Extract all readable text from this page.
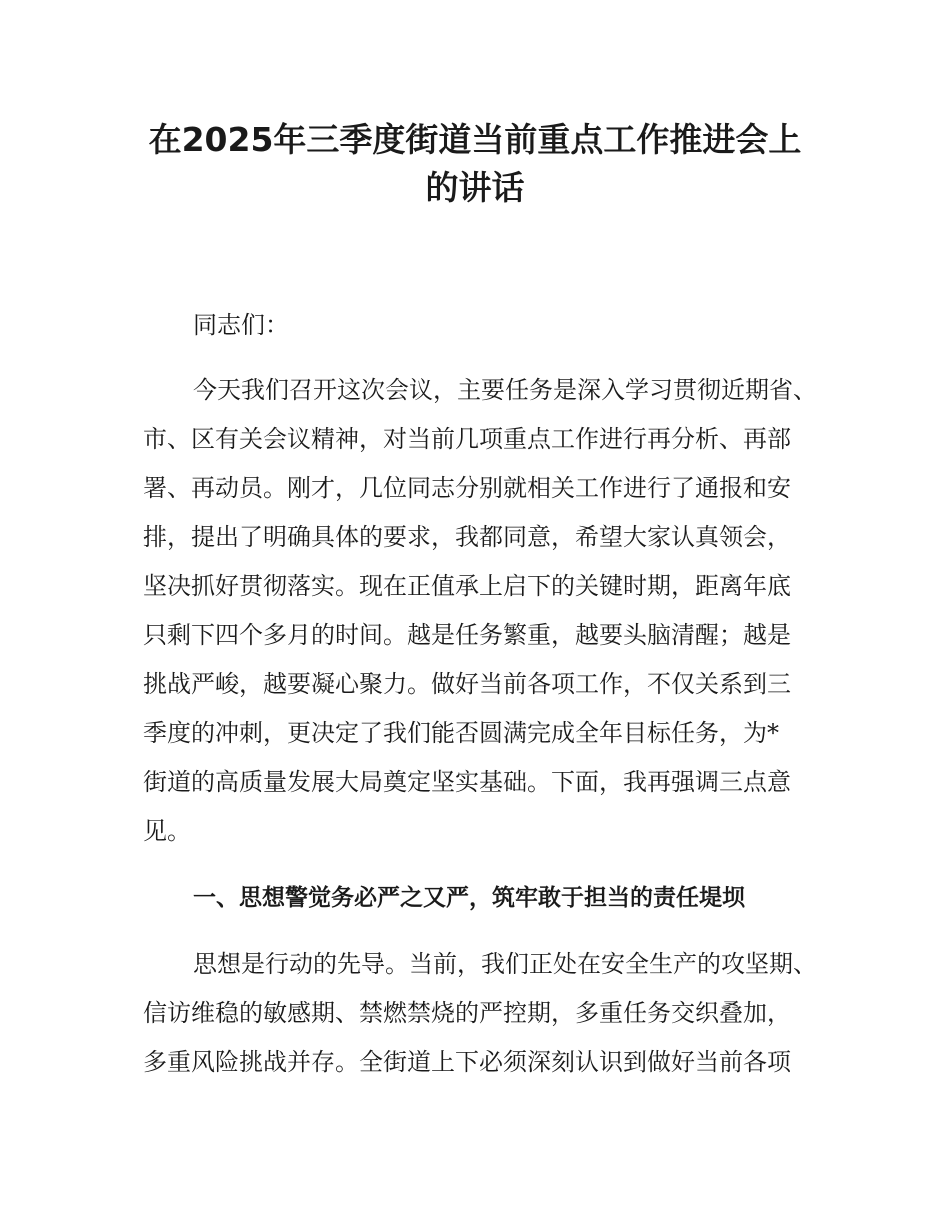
在2025年三季度街道当前重点工作推进会上
的讲话

同志们：

今天我们召开这次会议，主要任务是深入学习贯彻近期省、

市、区有关会议精神，对当前几项重点工作进行再分析、再部

署、再动员。刚才，几位同志分别就相关工作进行了通报和安

排，提出了明确具体的要求，我都同意，希望大家认真领会，

坚决抓好贯彻落实。现在正值承上启下的关键时期，距离年底

只剩下四个多月的时间。越是任务繁重，越要头脑清醒；越是

挑战严峻，越要凝心聚力。做好当前各项工作，不仅关系到三

季度的冲刺，更决定了我们能否圆满完成全年目标任务，为*

街道的高质量发展大局奠定坚实基础。下面，我再强调三点意

见。

一、思想警觉务必严之又严，筑牢敢于担当的责任堤坝

思想是行动的先导。当前，我们正处在安全生产的攻坚期、

信访维稳的敏感期、禁燃禁烧的严控期，多重任务交织叠加，

多重风险挑战并存。全街道上下必须深刻认识到做好当前各项
